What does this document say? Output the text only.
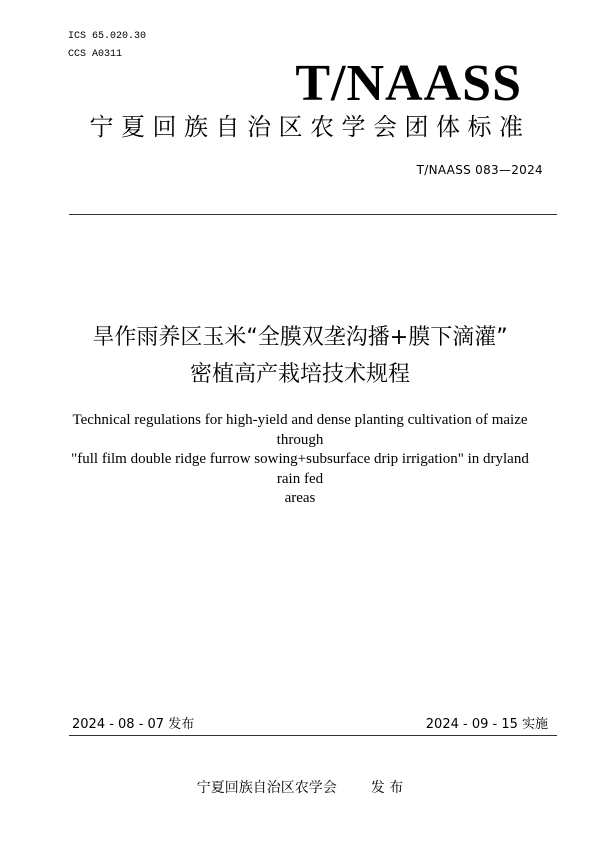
ICS 65.020.30
CCS A0311
T/NAASS
宁夏回族自治区农学会团体标准
T/NAASS 083—2024
旱作雨养区玉米“全膜双垄沟播+膜下滴灌”
密植高产栽培技术规程
Technical regulations for high-yield and dense planting cultivation of maize through
"full film double ridge furrow sowing+subsurface drip irrigation" in dryland rain fed
areas
2024 - 08 - 07 发布	2024 - 09 - 15 实施
宁夏回族自治区农学会 发 布
